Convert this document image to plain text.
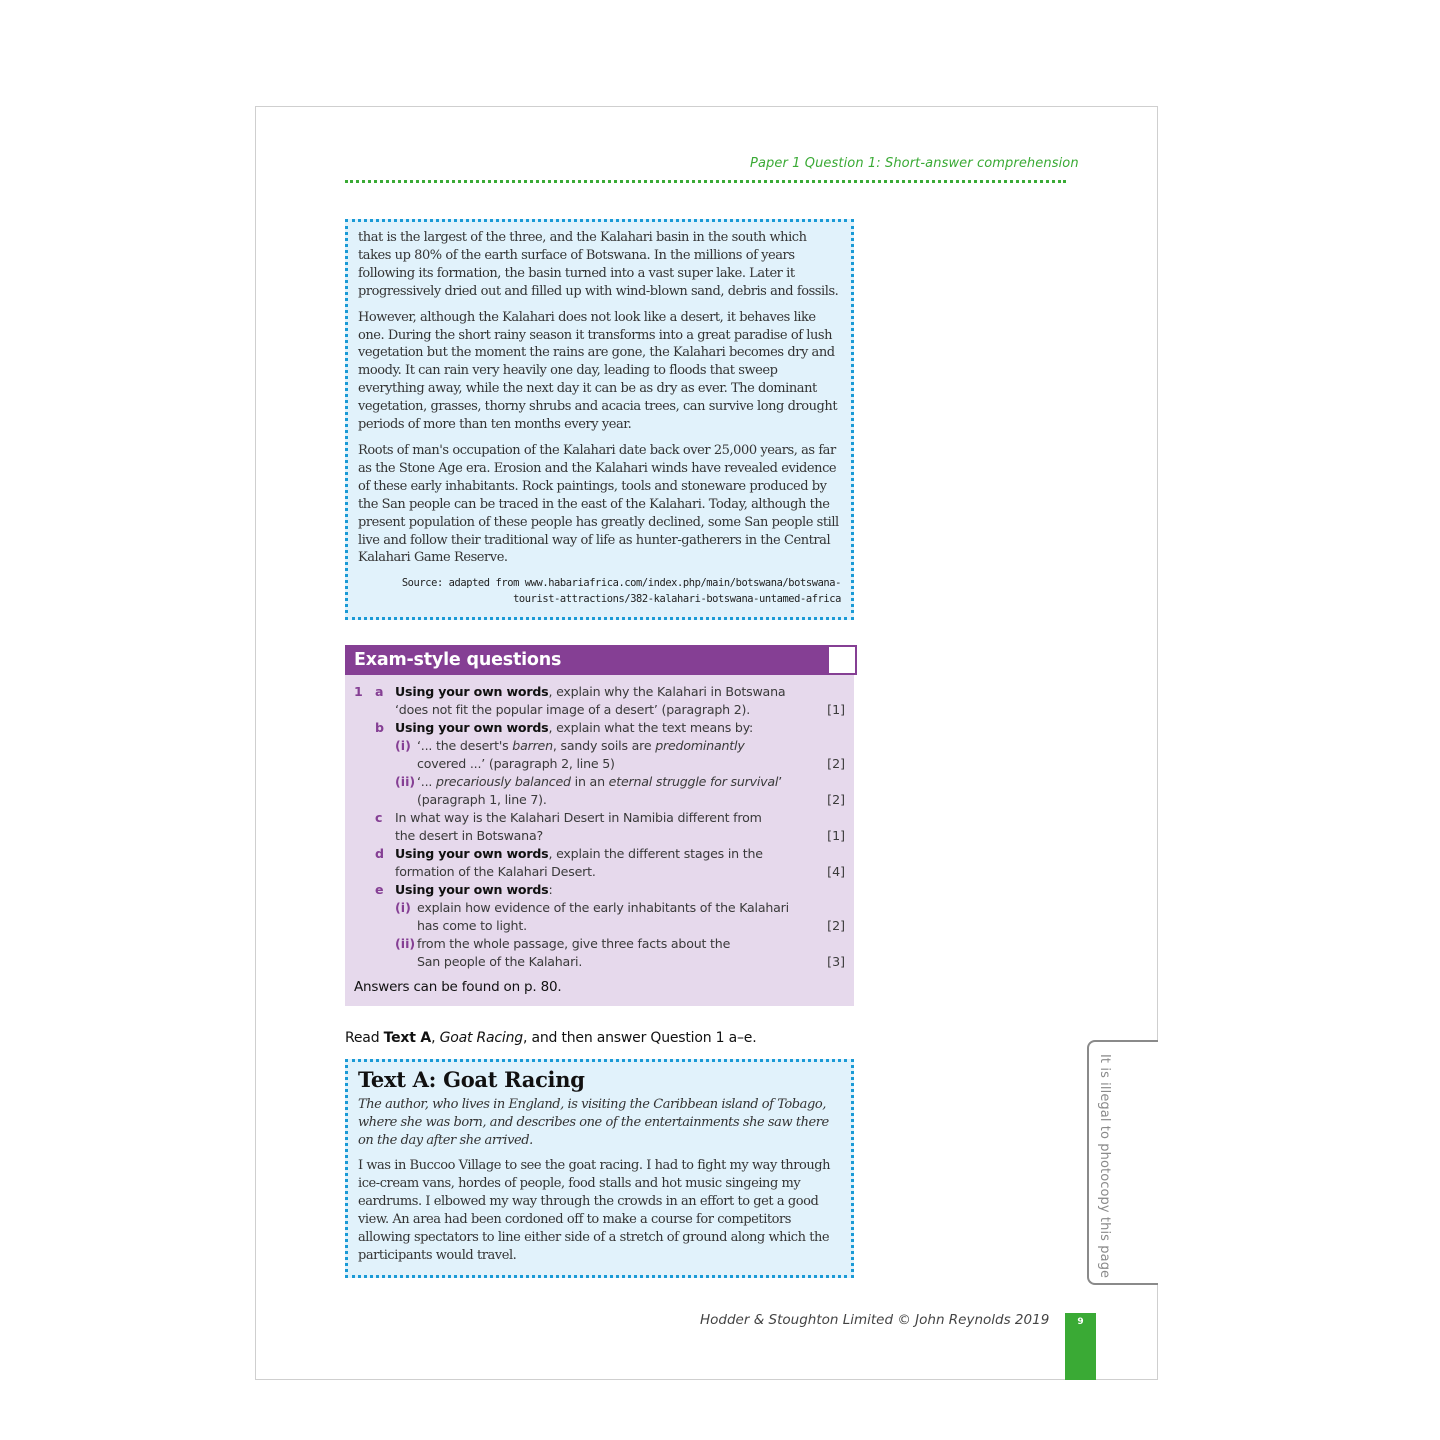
Paper 1 Question 1: Short-answer comprehension

that is the largest of the three, and the Kalahari basin in the south which takes up 80% of the earth surface of Botswana. In the millions of years following its formation, the basin turned into a vast super lake. Later it progressively dried out and filled up with wind-blown sand, debris and fossils.

However, although the Kalahari does not look like a desert, it behaves like one. During the short rainy season it transforms into a great paradise of lush vegetation but the moment the rains are gone, the Kalahari becomes dry and moody. It can rain very heavily one day, leading to floods that sweep everything away, while the next day it can be as dry as ever. The dominant vegetation, grasses, thorny shrubs and acacia trees, can survive long drought periods of more than ten months every year.

Roots of man's occupation of the Kalahari date back over 25,000 years, as far as the Stone Age era. Erosion and the Kalahari winds have revealed evidence of these early inhabitants. Rock paintings, tools and stoneware produced by the San people can be traced in the east of the Kalahari. Today, although the present population of these people has greatly declined, some San people still live and follow their traditional way of life as hunter-gatherers in the Central Kalahari Game Reserve.

Source: adapted from www.habariafrica.com/index.php/main/botswana/botswana-
tourist-attractions/382-kalahari-botswana-untamed-africa
Exam-style questions
1 a Using your own words, explain why the Kalahari in Botswana
‘does not fit the popular image of a desert’ (paragraph 2).	[1]
b Using your own words, explain what the text means by:
(i) ‘... the desert's barren, sandy soils are predominantly
covered ...’ (paragraph 2, line 5)	[2]
(ii) ‘... precariously balanced in an eternal struggle for survival’
(paragraph 1, line 7).	[2]
c In what way is the Kalahari Desert in Namibia different from
the desert in Botswana?	[1]
d Using your own words, explain the different stages in the
formation of the Kalahari Desert.	[4]
e Using your own words:
(i) explain how evidence of the early inhabitants of the Kalahari
has come to light.	[2]
(ii) from the whole passage, give three facts about the
San people of the Kalahari.	[3]
Answers can be found on p. 80.
Read Text A, Goat Racing, and then answer Question 1 a–e.
Text A: Goat Racing

The author, who lives in England, is visiting the Caribbean island of Tobago, where she was born, and describes one of the entertainments she saw there on the day after she arrived.

I was in Buccoo Village to see the goat racing. I had to fight my way through ice-cream vans, hordes of people, food stalls and hot music singeing my eardrums. I elbowed my way through the crowds in an effort to get a good view. An area had been cordoned off to make a course for competitors allowing spectators to line either side of a stretch of ground along which the participants would travel.	It is illegal to photocopy this page
Hodder & Stoughton Limited © John Reynolds 2019	9
